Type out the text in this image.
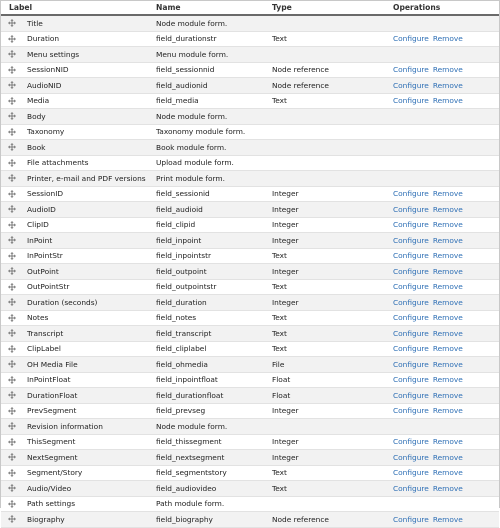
Label	Name	Type	Operations

Title	Node module form.		

Duration	field_durationstr	Text	Configure Remove

Menu settings	Menu module form.		

SessionNID	field_sessionnid	Node reference	Configure Remove

AudioNID	field_audionid	Node reference	Configure Remove

Media	field_media	Text	Configure Remove

Body	Node module form.		

Taxonomy	Taxonomy module form.		

Book	Book module form.		

File attachments	Upload module form.		

Printer, e-mail and PDF versions	Print module form.		

SessionID	field_sessionid	Integer	Configure Remove

AudioID	field_audioid	Integer	Configure Remove

ClipID	field_clipid	Integer	Configure Remove

InPoint	field_inpoint	Integer	Configure Remove

InPointStr	field_inpointstr	Text	Configure Remove

OutPoint	field_outpoint	Integer	Configure Remove

OutPointStr	field_outpointstr	Text	Configure Remove

Duration (seconds)	field_duration	Integer	Configure Remove

Notes	field_notes	Text	Configure Remove

Transcript	field_transcript	Text	Configure Remove

ClipLabel	field_cliplabel	Text	Configure Remove

OH Media File	field_ohmedia	File	Configure Remove

InPointFloat	field_inpointfloat	Float	Configure Remove

DurationFloat	field_durationfloat	Float	Configure Remove

PrevSegment	field_prevseg	Integer	Configure Remove

Revision information	Node module form.		

ThisSegment	field_thissegment	Integer	Configure Remove

NextSegment	field_nextsegment	Integer	Configure Remove

Segment/Story	field_segmentstory	Text	Configure Remove

Audio/Video	field_audiovideo	Text	Configure Remove

Path settings	Path module form.		

Biography	field_biography	Node reference	Configure Remove
